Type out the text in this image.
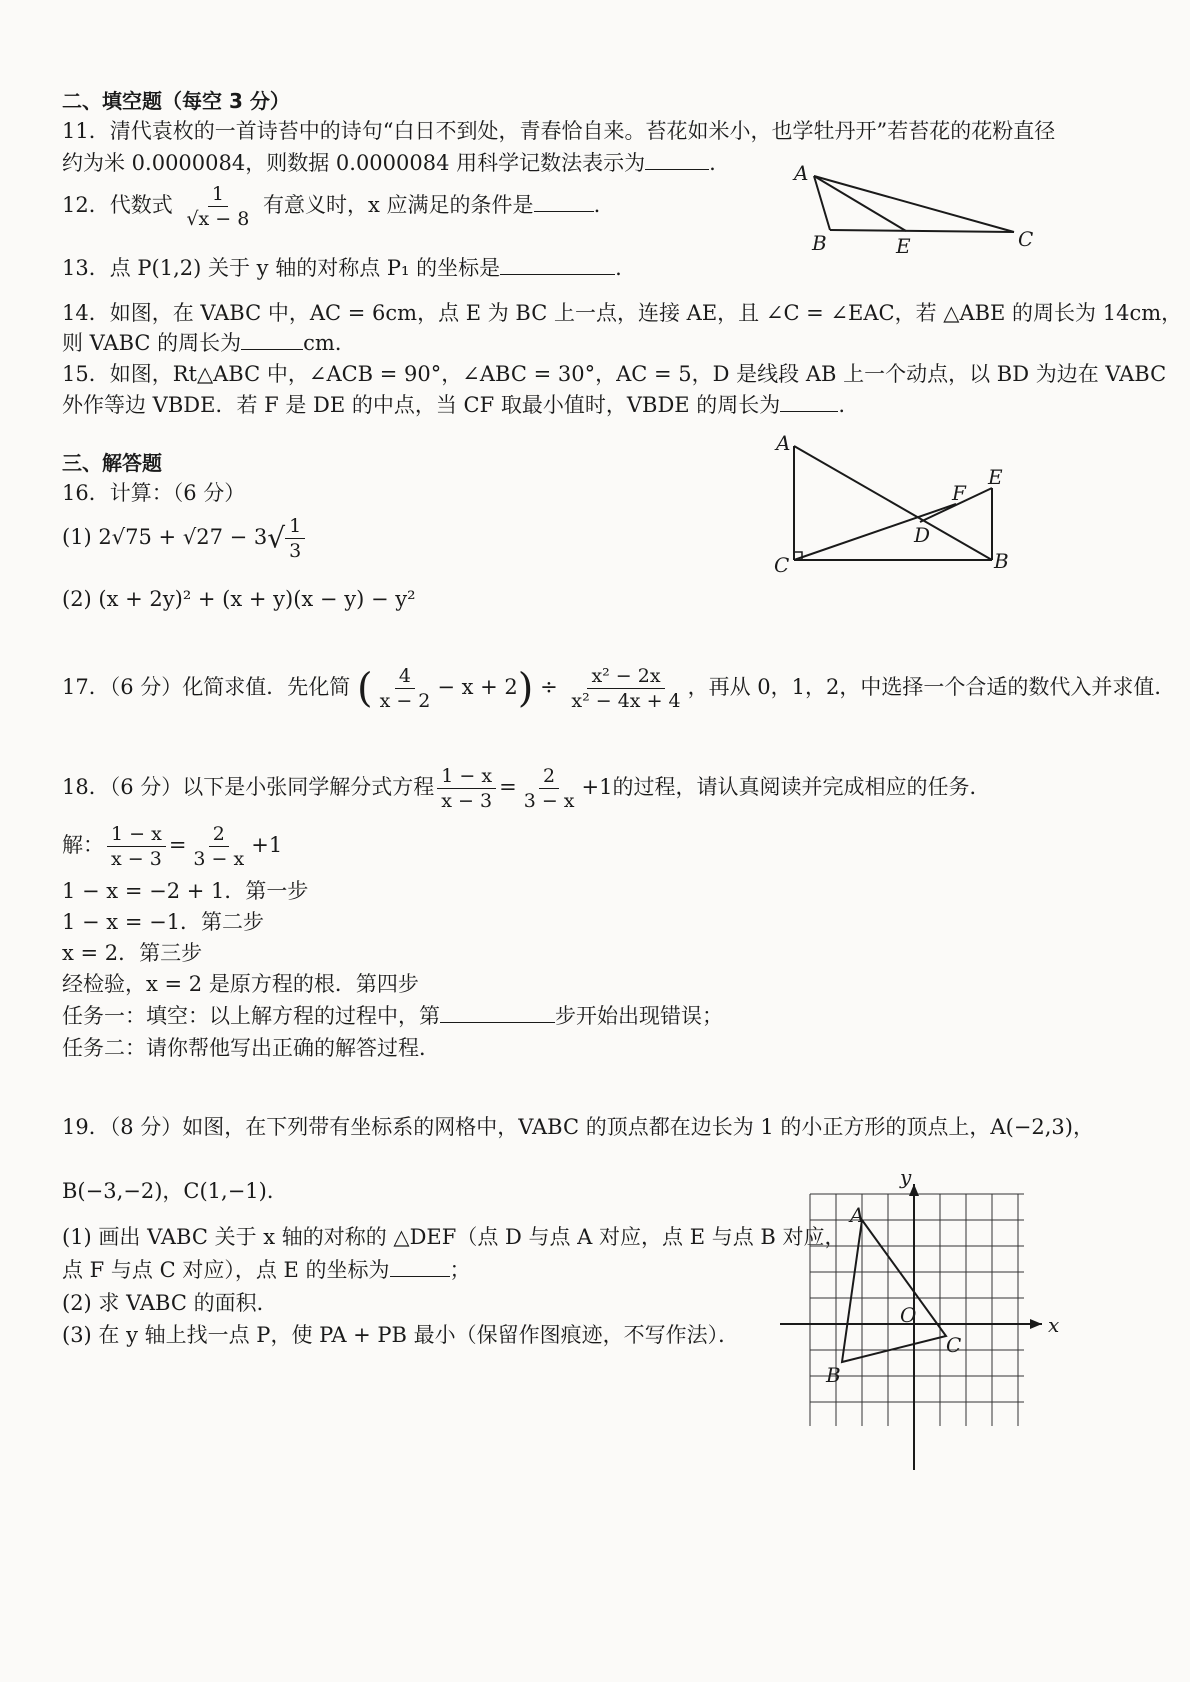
二、填空题（每空 3 分）
11．清代袁枚的一首诗苔中的诗句“白日不到处，青春恰自来。苔花如米小，也学牡丹开”若苔花的花粉直径
约为米 0.0000084，则数据 0.0000084 用科学记数法表示为	.
12．代数式 $\frac{1}{√x - 8}$ 有意义时，x 应满足的条件是	.
13．点 P(1,2) 关于 y 轴的对称点 P₁ 的坐标是	.
14．如图，在 VABC 中，AC = 6cm，点 E 为 BC 上一点，连接 AE，且 ∠C = ∠EAC，若 △ABE 的周长为 14cm，
则 VABC 的周长为	cm．
15．如图，Rt△ABC 中，∠ACB = 90°，∠ABC = 30°，AC = 5，D 是线段 AB 上一个动点，以 BD 为边在 VABC
外作等边 VBDE．若 F 是 DE 的中点，当 CF 取最小值时，VBDE 的周长为	.
三、解答题
16．计算：（6 分）
(1) $2√75 + √27 - 3√ \frac{1}{3}$
(2) (x + 2y)² + (x + y)(x − y) − y²
17．（6 分）化简求值．先化简 ( $\frac{4}{x - 2} - x + 2) \div \frac{\text{x² − 2x}}{\text{x² − 4x + 4}}$ ，再从 0，1，2，中选择一个合适的数代入并求值．
18．（6 分）以下是小张同学解分式方程 $\frac{1 - x}{x - 3} = \frac{2}{3 - x} +1$的过程，请认真阅读并完成相应的任务．
解： $\frac{1 - x}{x - 3} = \frac{2}{3 - x} +1$
1 − x = −2 + 1．第一步
1 − x = −1．第二步
x = 2．第三步
经检验，x = 2 是原方程的根．第四步
任务一：填空：以上解方程的过程中，第	步开始出现错误；
任务二：请你帮他写出正确的解答过程．
19．（8 分）如图，在下列带有坐标系的网格中，VABC 的顶点都在边长为 1 的小正方形的顶点上，A(−2,3)，
B(−3,−2)，C(1,−1)．
(1) 画出 VABC 关于 x 轴的对称的 △DEF（点 D 与点 A 对应，点 E 与点 B 对应，
点 F 与点 C 对应），点 E 的坐标为	；
(2) 求 VABC 的面积．
(3) 在 y 轴上找一点 P，使 PA + PB 最小（保留作图痕迹，不写作法）．
A
B	C
E
A
C	B
D
E
F
x
y
O
A
B
C
